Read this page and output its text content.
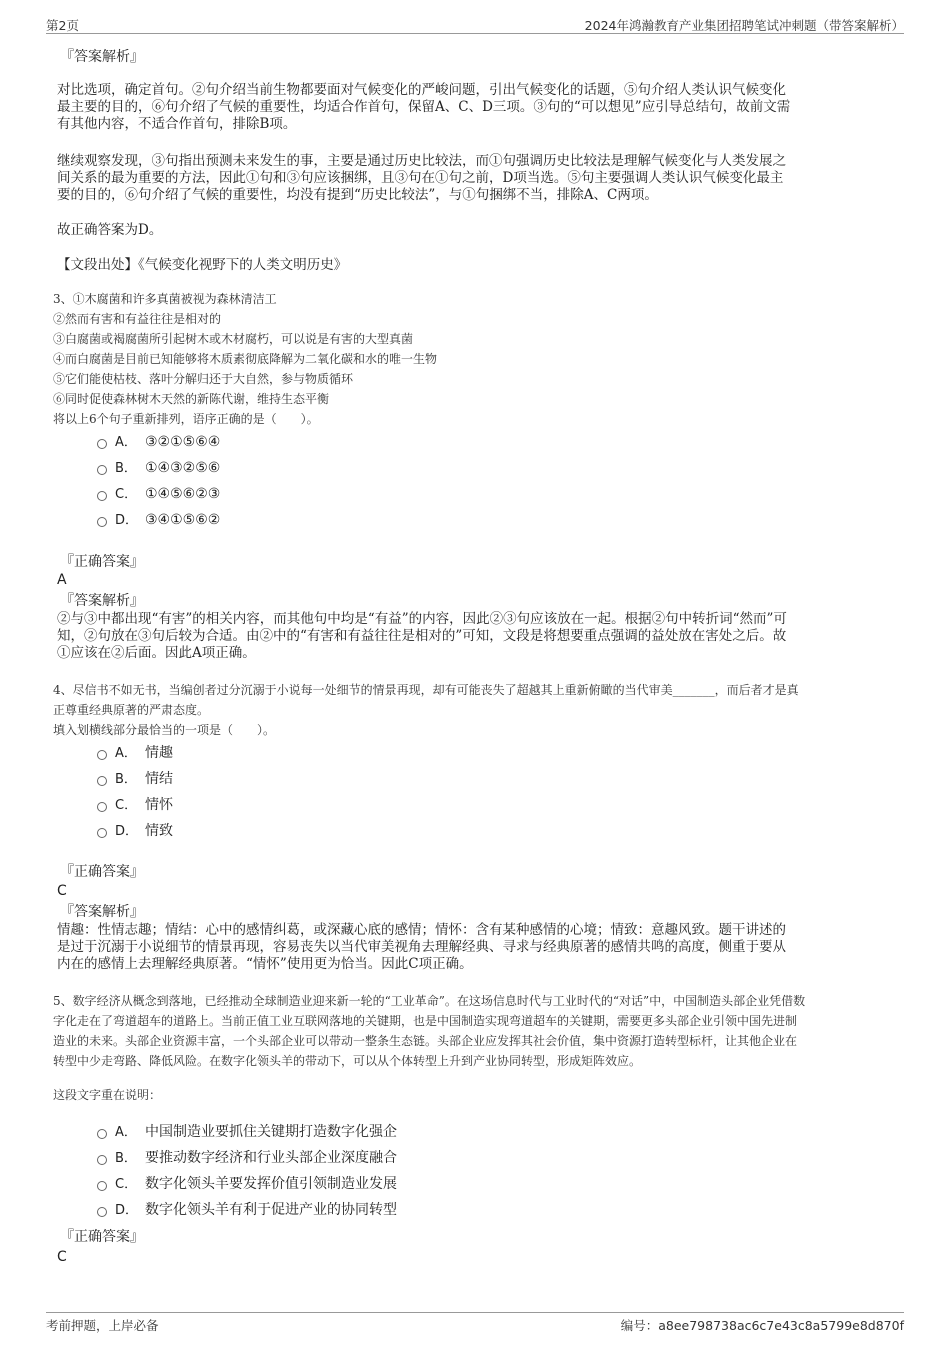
第2页	2024年鸿瀚教育产业集团招聘笔试冲刺题（带答案解析）
『答案解析』
对比选项，确定首句。②句介绍当前生物都要面对气候变化的严峻问题，引出气候变化的话题，⑤句介绍人类认识气候变化
最主要的目的，⑥句介绍了气候的重要性，均适合作首句，保留A、C、D三项。③句的“可以想见”应引导总结句，故前文需
有其他内容，不适合作首句，排除B项。
继续观察发现，③句指出预测未来发生的事，主要是通过历史比较法，而①句强调历史比较法是理解气候变化与人类发展之
间关系的最为重要的方法，因此①句和③句应该捆绑，且③句在①句之前，D项当选。⑤句主要强调人类认识气候变化最主
要的目的，⑥句介绍了气候的重要性，均没有提到“历史比较法”，与①句捆绑不当，排除A、C两项。
故正确答案为D。
【文段出处】《气候变化视野下的人类文明历史》
3、①木腐菌和许多真菌被视为森林清洁工
②然而有害和有益往往是相对的
③白腐菌或褐腐菌所引起树木或木材腐朽，可以说是有害的大型真菌
④而白腐菌是目前已知能够将木质素彻底降解为二氧化碳和水的唯一生物
⑤它们能使枯枝、落叶分解归还于大自然，参与物质循环
⑥同时促使森林树木天然的新陈代谢，维持生态平衡
将以上6个句子重新排列，语序正确的是（　　）。
A． ③②①⑤⑥④
B． ①④③②⑤⑥
C． ①④⑤⑥②③
D． ③④①⑤⑥②
『正确答案』
A
『答案解析』
②与③中都出现“有害”的相关内容，而其他句中均是“有益”的内容，因此②③句应该放在一起。根据②句中转折词“然而”可
知，②句放在③句后较为合适。由②中的“有害和有益往往是相对的”可知，文段是将想要重点强调的益处放在害处之后。故
①应该在②后面。因此A项正确。
4、尽信书不如无书，当编创者过分沉溺于小说每一处细节的情景再现，却有可能丧失了超越其上重新俯瞰的当代审美_______，而后者才是真
正尊重经典原著的严肃态度。
填入划横线部分最恰当的一项是（　　）。
A． 情趣
B． 情结
C． 情怀
D． 情致
『正确答案』
C
『答案解析』
情趣：性情志趣；情结：心中的感情纠葛，或深藏心底的感情；情怀：含有某种感情的心境；情致：意趣风致。题干讲述的
是过于沉溺于小说细节的情景再现，容易丧失以当代审美视角去理解经典、寻求与经典原著的感情共鸣的高度，侧重于要从
内在的感情上去理解经典原著。“情怀”使用更为恰当。因此C项正确。
5、数字经济从概念到落地，已经推动全球制造业迎来新一轮的“工业革命”。在这场信息时代与工业时代的“对话”中，中国制造头部企业凭借数
字化走在了弯道超车的道路上。当前正值工业互联网落地的关键期，也是中国制造实现弯道超车的关键期，需要更多头部企业引领中国先进制
造业的未来。头部企业资源丰富，一个头部企业可以带动一整条生态链。头部企业应发挥其社会价值，集中资源打造转型标杆，让其他企业在
转型中少走弯路、降低风险。在数字化领头羊的带动下，可以从个体转型上升到产业协同转型，形成矩阵效应。
这段文字重在说明：
A． 中国制造业要抓住关键期打造数字化强企
B． 要推动数字经济和行业头部企业深度融合
C． 数字化领头羊要发挥价值引领制造业发展
D． 数字化领头羊有利于促进产业的协同转型
『正确答案』
C
考前押题，上岸必备	编号：a8ee798738ac6c7e43c8a5799e8d870f
